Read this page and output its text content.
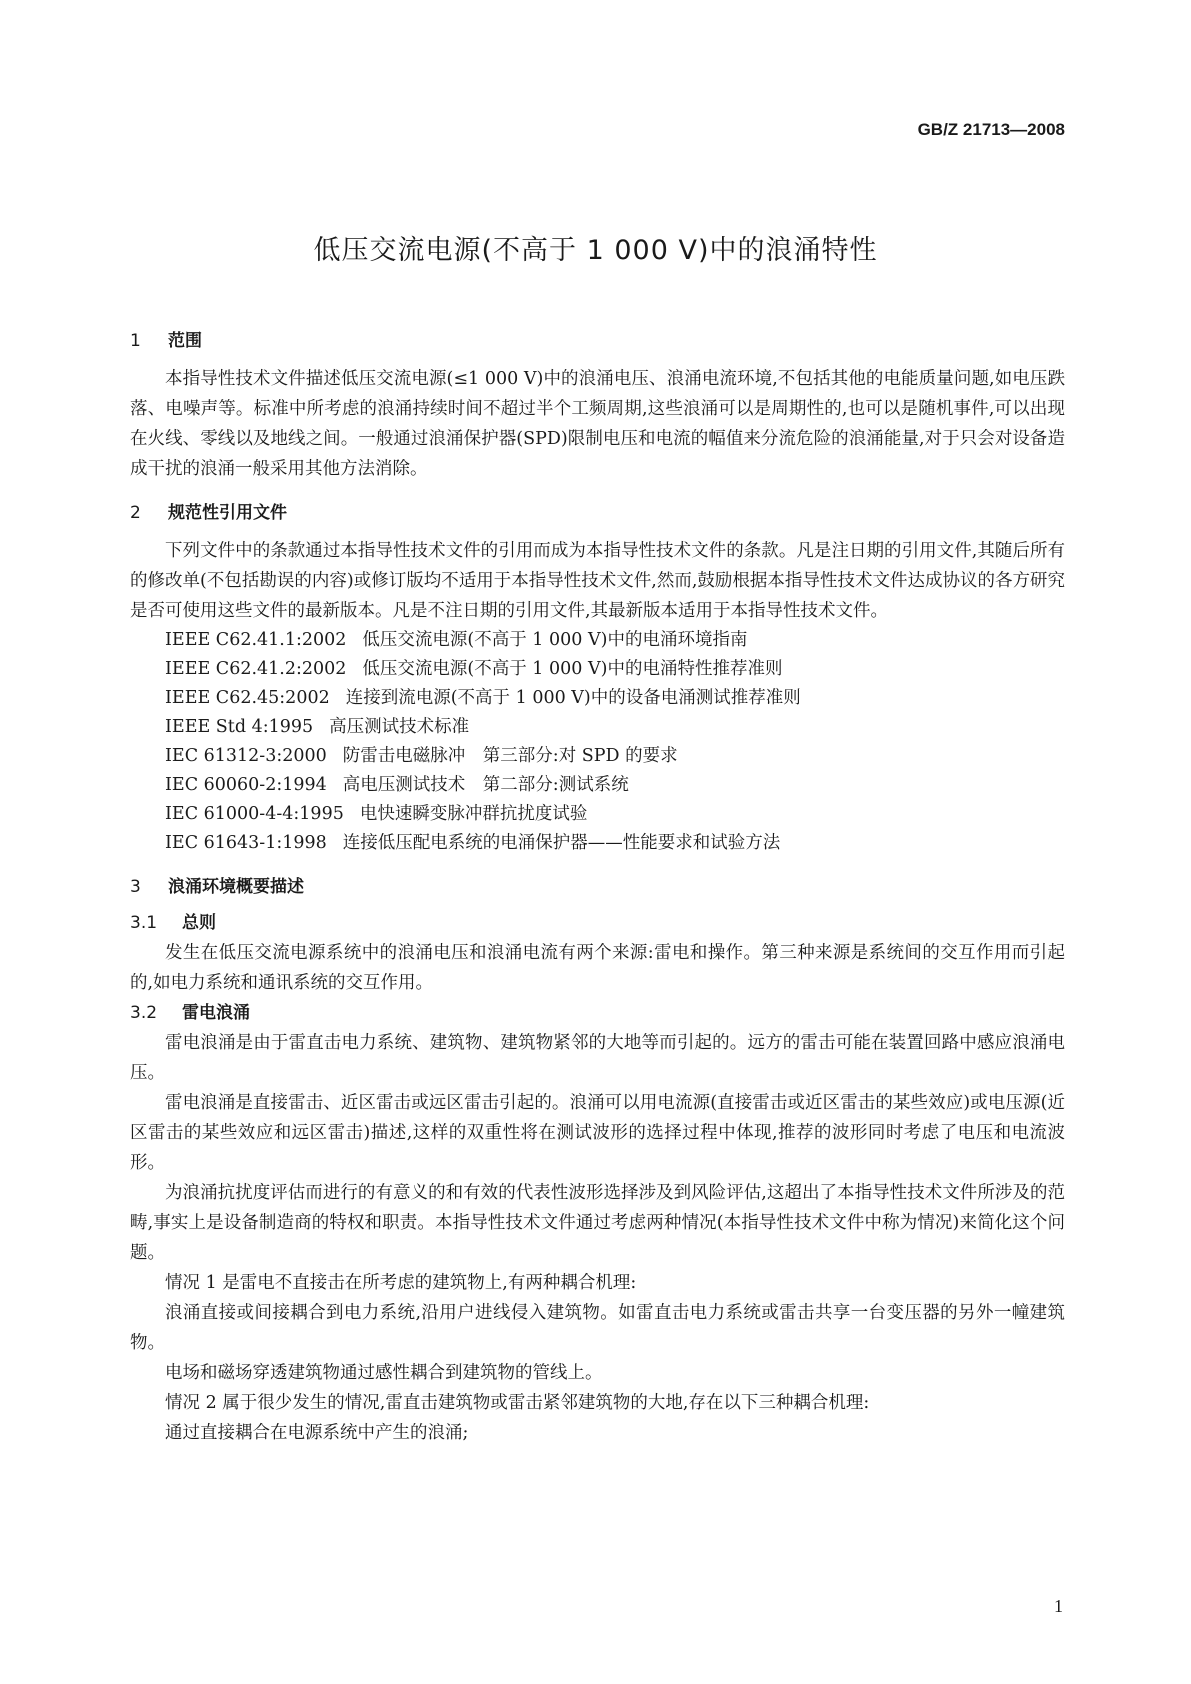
GB/Z 21713—2008
低压交流电源(不高于 1 000 V)中的浪涌特性
1	范围

本指导性技术文件描述低压交流电源(≤1 000 V)中的浪涌电压、浪涌电流环境,不包括其他的电能质量问题,如电压跌落、电噪声等。标准中所考虑的浪涌持续时间不超过半个工频周期,这些浪涌可以是周期性的,也可以是随机事件,可以出现在火线、零线以及地线之间。一般通过浪涌保护器(SPD)限制电压和电流的幅值来分流危险的浪涌能量,对于只会对设备造成干扰的浪涌一般采用其他方法消除。

2	规范性引用文件

下列文件中的条款通过本指导性技术文件的引用而成为本指导性技术文件的条款。凡是注日期的引用文件,其随后所有的修改单(不包括勘误的内容)或修订版均不适用于本指导性技术文件,然而,鼓励根据本指导性技术文件达成协议的各方研究是否可使用这些文件的最新版本。凡是不注日期的引用文件,其最新版本适用于本指导性技术文件。

IEEE C62.41.1:2002 低压交流电源(不高于 1 000 V)中的电涌环境指南
IEEE C62.41.2:2002 低压交流电源(不高于 1 000 V)中的电涌特性推荐准则
IEEE C62.45:2002 连接到流电源(不高于 1 000 V)中的设备电涌测试推荐准则
IEEE Std 4:1995 高压测试技术标准
IEC 61312-3:2000 防雷击电磁脉冲　第三部分:对 SPD 的要求
IEC 60060-2:1994 高电压测试技术　第二部分:测试系统
IEC 61000-4-4:1995 电快速瞬变脉冲群抗扰度试验
IEC 61643-1:1998 连接低压配电系统的电涌保护器——性能要求和试验方法
3	浪涌环境概要描述
3.1	总则

发生在低压交流电源系统中的浪涌电压和浪涌电流有两个来源:雷电和操作。第三种来源是系统间的交互作用而引起的,如电力系统和通讯系统的交互作用。

3.2	雷电浪涌

雷电浪涌是由于雷直击电力系统、建筑物、建筑物紧邻的大地等而引起的。远方的雷击可能在装置回路中感应浪涌电压。

雷电浪涌是直接雷击、近区雷击或远区雷击引起的。浪涌可以用电流源(直接雷击或近区雷击的某些效应)或电压源(近区雷击的某些效应和远区雷击)描述,这样的双重性将在测试波形的选择过程中体现,推荐的波形同时考虑了电压和电流波形。

为浪涌抗扰度评估而进行的有意义的和有效的代表性波形选择涉及到风险评估,这超出了本指导性技术文件所涉及的范畴,事实上是设备制造商的特权和职责。本指导性技术文件通过考虑两种情况(本指导性技术文件中称为情况)来简化这个问题。

情况 1 是雷电不直接击在所考虑的建筑物上,有两种耦合机理:

浪涌直接或间接耦合到电力系统,沿用户进线侵入建筑物。如雷直击电力系统或雷击共享一台变压器的另外一幢建筑物。

电场和磁场穿透建筑物通过感性耦合到建筑物的管线上。

情况 2 属于很少发生的情况,雷直击建筑物或雷击紧邻建筑物的大地,存在以下三种耦合机理:

通过直接耦合在电源系统中产生的浪涌;

1
